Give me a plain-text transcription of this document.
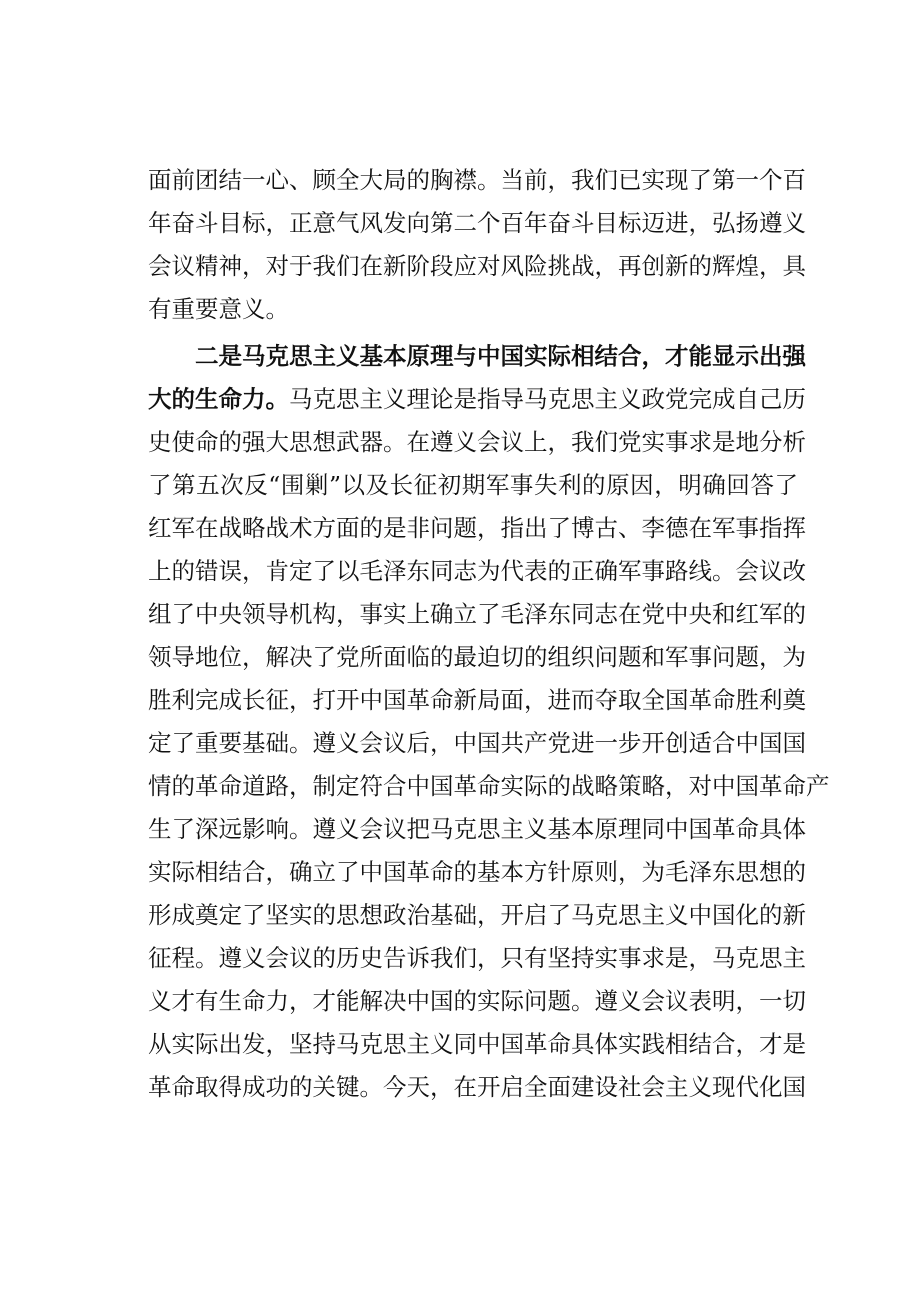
面前团结一心、顾全大局的胸襟。当前，我们已实现了第一个百
年奋斗目标，正意气风发向第二个百年奋斗目标迈进，弘扬遵义
会议精神，对于我们在新阶段应对风险挑战，再创新的辉煌，具
有重要意义。
二是马克思主义基本原理与中国实际相结合，才能显示出强
大的生命力。马克思主义理论是指导马克思主义政党完成自己历
史使命的强大思想武器。在遵义会议上，我们党实事求是地分析
了第五次反“围剿”以及长征初期军事失利的原因，明确回答了
红军在战略战术方面的是非问题，指出了博古、李德在军事指挥
上的错误，肯定了以毛泽东同志为代表的正确军事路线。会议改
组了中央领导机构，事实上确立了毛泽东同志在党中央和红军的
领导地位，解决了党所面临的最迫切的组织问题和军事问题，为
胜利完成长征，打开中国革命新局面，进而夺取全国革命胜利奠
定了重要基础。遵义会议后，中国共产党进一步开创适合中国国
情的革命道路，制定符合中国革命实际的战略策略，对中国革命产
生了深远影响。遵义会议把马克思主义基本原理同中国革命具体
实际相结合，确立了中国革命的基本方针原则，为毛泽东思想的
形成奠定了坚实的思想政治基础，开启了马克思主义中国化的新
征程。遵义会议的历史告诉我们，只有坚持实事求是，马克思主
义才有生命力，才能解决中国的实际问题。遵义会议表明，一切
从实际出发，坚持马克思主义同中国革命具体实践相结合，才是
革命取得成功的关键。今天，在开启全面建设社会主义现代化国
